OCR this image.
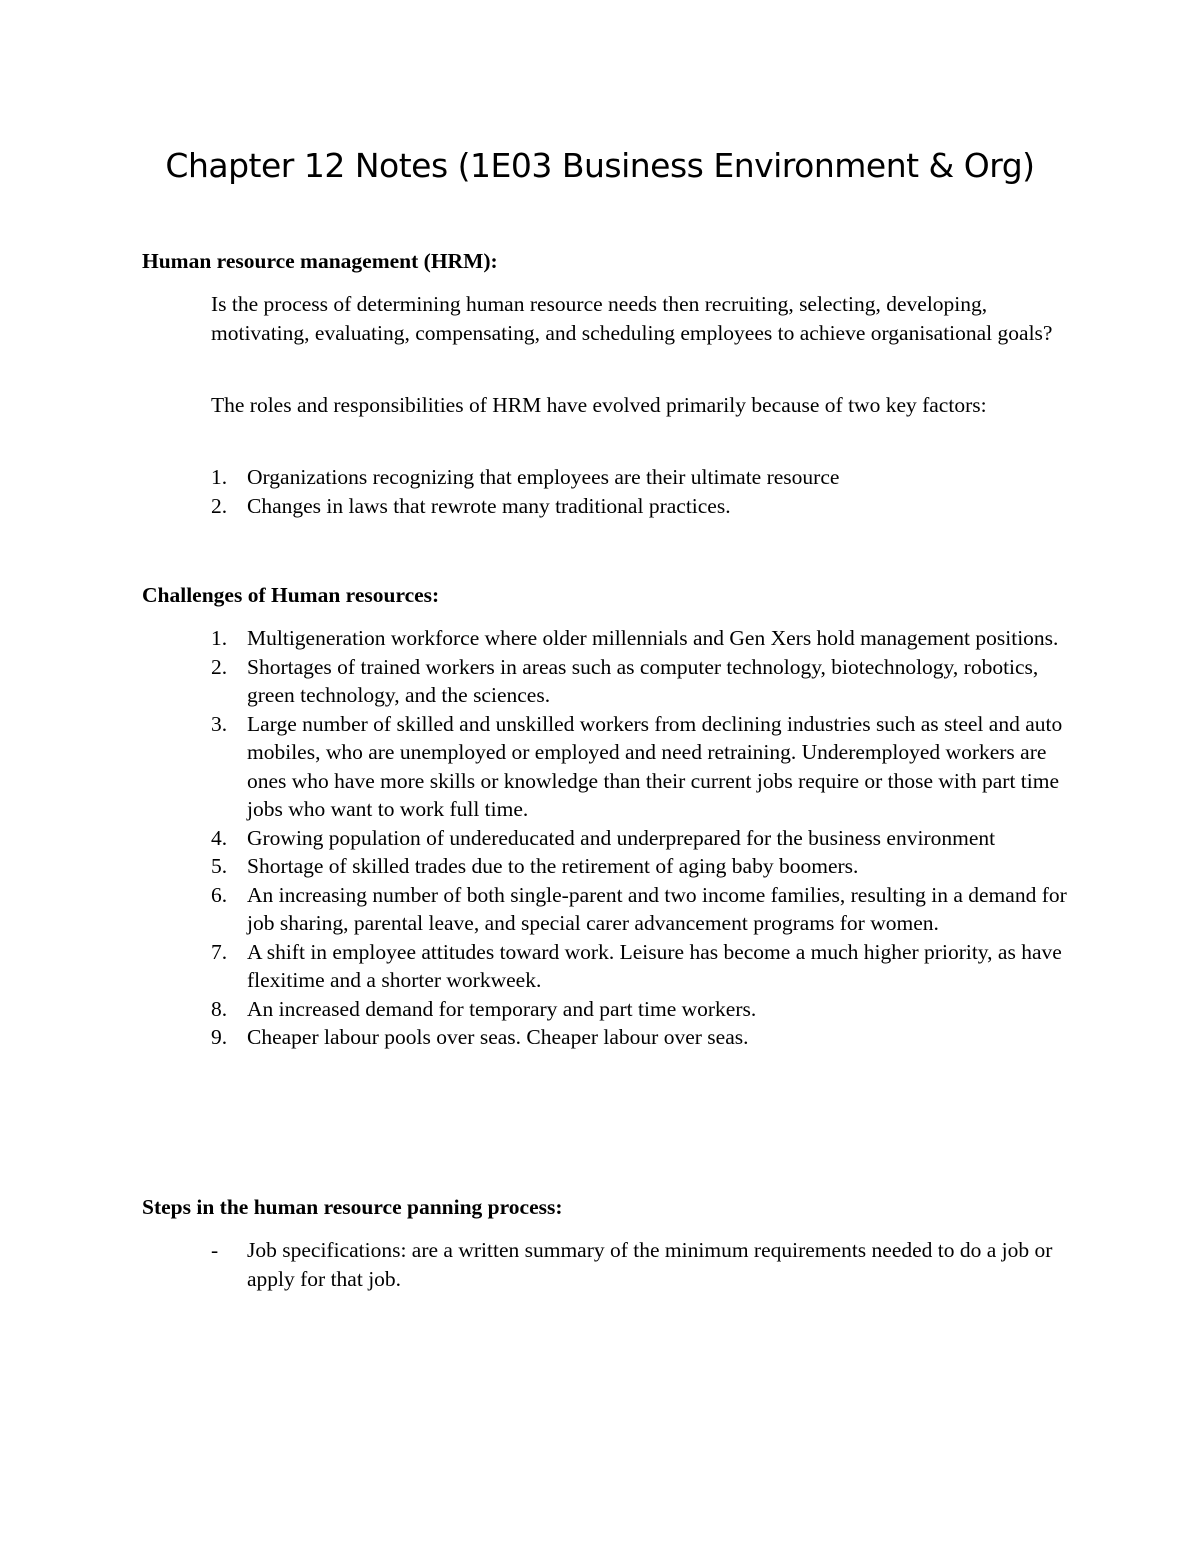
Chapter 12 Notes (1E03 Business Environment & Org)
Human resource management (HRM):

Is the process of determining human resource needs then recruiting, selecting, developing, motivating, evaluating, compensating, and scheduling employees to achieve organisational goals?

The roles and responsibilities of HRM have evolved primarily because of two key factors:

1. Organizations recognizing that employees are their ultimate resource
2. Changes in laws that rewrote many traditional practices.
Challenges of Human resources:
1. Multigeneration workforce where older millennials and Gen Xers hold management positions.
2. Shortages of trained workers in areas such as computer technology, biotechnology, robotics, green technology, and the sciences.
3. Large number of skilled and unskilled workers from declining industries such as steel and auto mobiles, who are unemployed or employed and need retraining. Underemployed workers are ones who have more skills or knowledge than their current jobs require or those with part time jobs who want to work full time.
4. Growing population of undereducated and underprepared for the business environment
5. Shortage of skilled trades due to the retirement of aging baby boomers.
6. An increasing number of both single-parent and two income families, resulting in a demand for job sharing, parental leave, and special carer advancement programs for women.
7. A shift in employee attitudes toward work. Leisure has become a much higher priority, as have flexitime and a shorter workweek.
8. An increased demand for temporary and part time workers.
9. Cheaper labour pools over seas. Cheaper labour over seas.
Steps in the human resource panning process:
- Job specifications: are a written summary of the minimum requirements needed to do a job or apply for that job.
